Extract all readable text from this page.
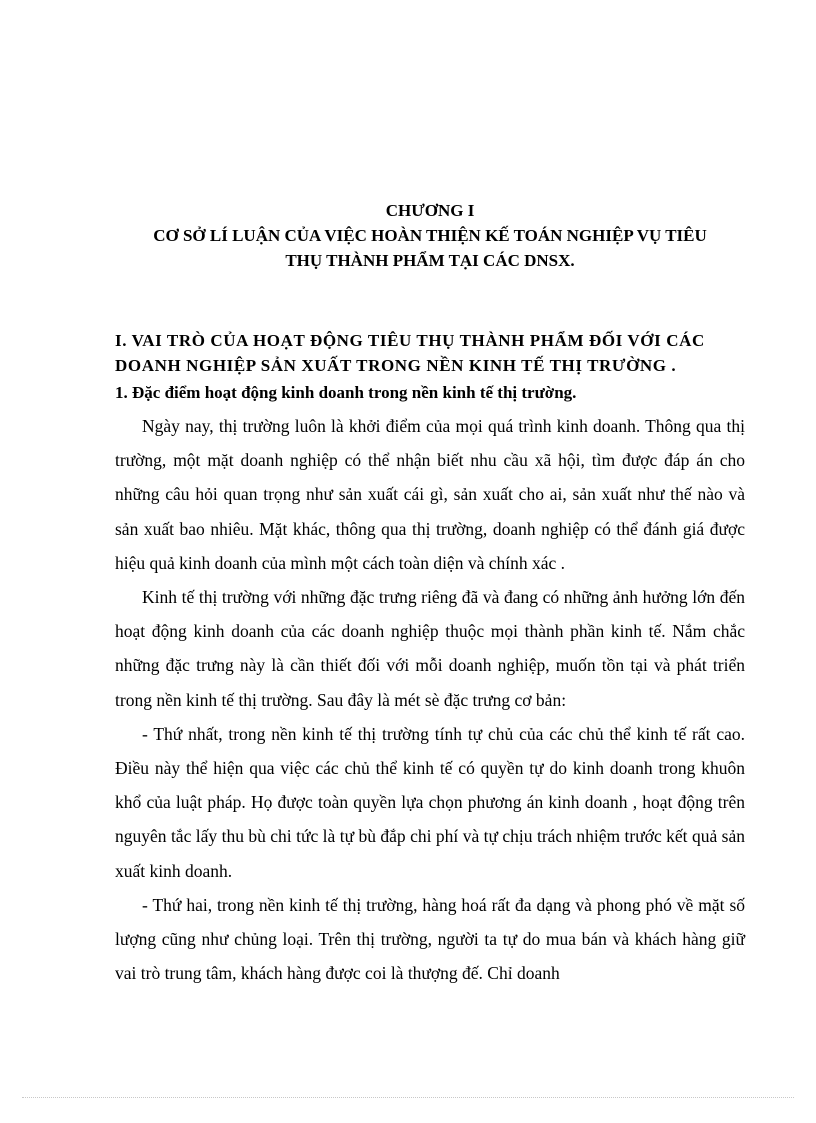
CHƯƠNG I
CƠ SỞ LÍ LUẬN CỦA VIỆC HOÀN THIỆN KẾ TOÁN NGHIỆP VỤ TIÊU
THỤ THÀNH PHẨM TẠI CÁC DNSX.
I. VAI TRÒ CỦA HOẠT ĐỘNG TIÊU THỤ THÀNH PHẨM ĐỐI VỚI CÁC
DOANH NGHIỆP SẢN XUẤT TRONG NỀN KINH TẾ THỊ TRƯỜNG .
1. Đặc điểm hoạt động kinh doanh trong nền kinh tế thị trường.

Ngày nay, thị trường luôn là khởi điểm của mọi quá trình kinh doanh. Thông qua thị trường, một mặt doanh nghiệp có thể nhận biết nhu cầu xã hội, tìm được đáp án cho những câu hỏi quan trọng như sản xuất cái gì, sản xuất cho ai, sản xuất như thế nào và sản xuất bao nhiêu. Mặt khác, thông qua thị trường, doanh nghiệp có thể đánh giá được hiệu quả kinh doanh của mình một cách toàn diện và chính xác .

Kinh tế thị trường với những đặc trưng riêng đã và đang có những ảnh hưởng lớn đến hoạt động kinh doanh của các doanh nghiệp thuộc mọi thành phần kinh tế. Nắm chắc những đặc trưng này là cần thiết đối với mỗi doanh nghiệp, muốn tồn tại và phát triển trong nền kinh tế thị trường. Sau đây là mét sè đặc trưng cơ bản:

- Thứ nhất, trong nền kinh tế thị trường tính tự chủ của các chủ thể kinh tế rất cao. Điều này thể hiện qua việc các chủ thể kinh tế có quyền tự do kinh doanh trong khuôn khổ của luật pháp. Họ được toàn quyền lựa chọn phương án kinh doanh , hoạt động trên nguyên tắc lấy thu bù chi tức là tự bù đắp chi phí và tự chịu trách nhiệm trước kết quả sản xuất kinh doanh.

- Thứ hai, trong nền kinh tế thị trường, hàng hoá rất đa dạng và phong phó về mặt số lượng cũng như chủng loại. Trên thị trường, người ta tự do mua bán và khách hàng giữ vai trò trung tâm, khách hàng được coi là thượng đế. Chỉ doanh
